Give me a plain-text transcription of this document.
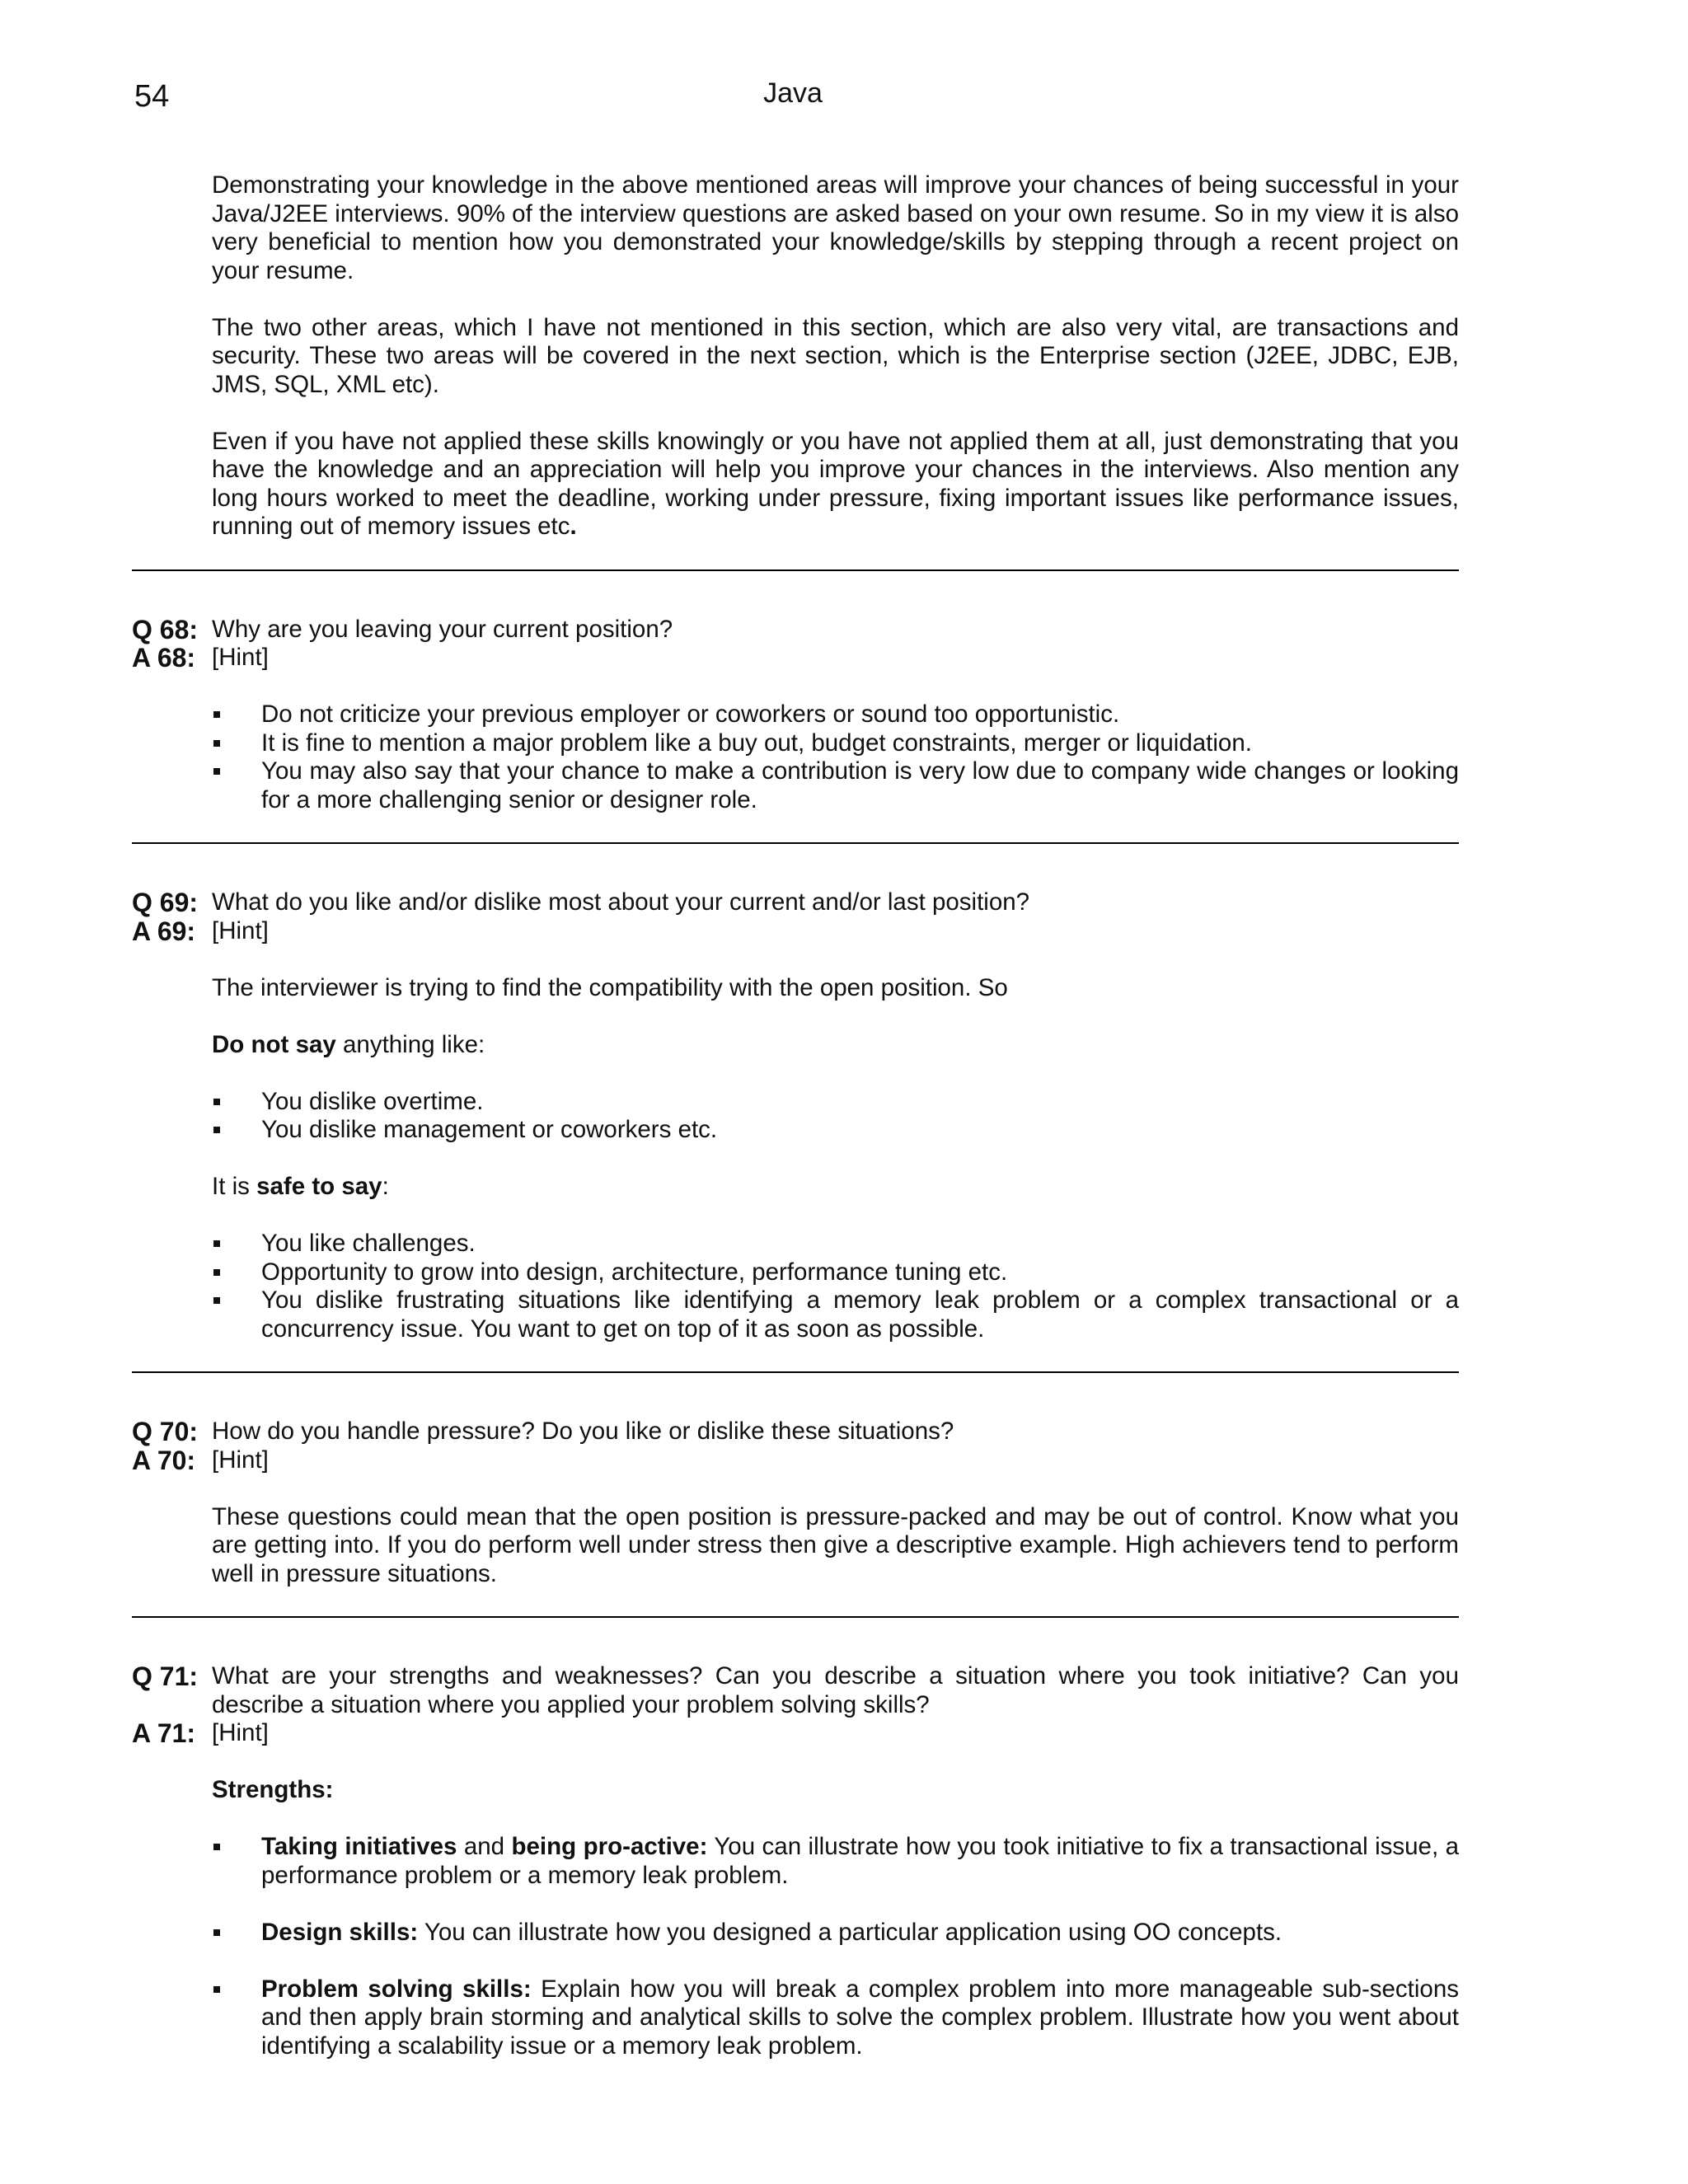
54	Java

Demonstrating your knowledge in the above mentioned areas will improve your chances of being successful in your Java/J2EE interviews. 90% of the interview questions are asked based on your own resume. So in my view it is also very beneficial to mention how you demonstrated your knowledge/skills by stepping through a recent project on your resume.

The two other areas, which I have not mentioned in this section, which are also very vital, are transactions and security. These two areas will be covered in the next section, which is the Enterprise section (J2EE, JDBC, EJB, JMS, SQL, XML etc).

Even if you have not applied these skills knowingly or you have not applied them at all, just demonstrating that you have the knowledge and an appreciation will help you improve your chances in the interviews. Also mention any long hours worked to meet the deadline, working under pressure, fixing important issues like performance issues, running out of memory issues etc.

Q 68: Why are you leaving your current position?
A 68: [Hint]
Do not criticize your previous employer or coworkers or sound too opportunistic.
It is fine to mention a major problem like a buy out, budget constraints, merger or liquidation.
You may also say that your chance to make a contribution is very low due to company wide changes or looking for a more challenging senior or designer role.
Q 69: What do you like and/or dislike most about your current and/or last position?
A 69: [Hint]

The interviewer is trying to find the compatibility with the open position. So

Do not say anything like:

You dislike overtime.
You dislike management or coworkers etc.

It is safe to say:

You like challenges.
Opportunity to grow into design, architecture, performance tuning etc.
You dislike frustrating situations like identifying a memory leak problem or a complex transactional or a concurrency issue. You want to get on top of it as soon as possible.
Q 70: How do you handle pressure? Do you like or dislike these situations?
A 70: [Hint]

These questions could mean that the open position is pressure-packed and may be out of control. Know what you are getting into. If you do perform well under stress then give a descriptive example. High achievers tend to perform well in pressure situations.

Q 71: What are your strengths and weaknesses? Can you describe a situation where you took initiative? Can you describe a situation where you applied your problem solving skills?
A 71: [Hint]

Strengths:

Taking initiatives and being pro-active: You can illustrate how you took initiative to fix a transactional issue, a performance problem or a memory leak problem.
Design skills: You can illustrate how you designed a particular application using OO concepts.
Problem solving skills: Explain how you will break a complex problem into more manageable sub-sections and then apply brain storming and analytical skills to solve the complex problem. Illustrate how you went about identifying a scalability issue or a memory leak problem.
